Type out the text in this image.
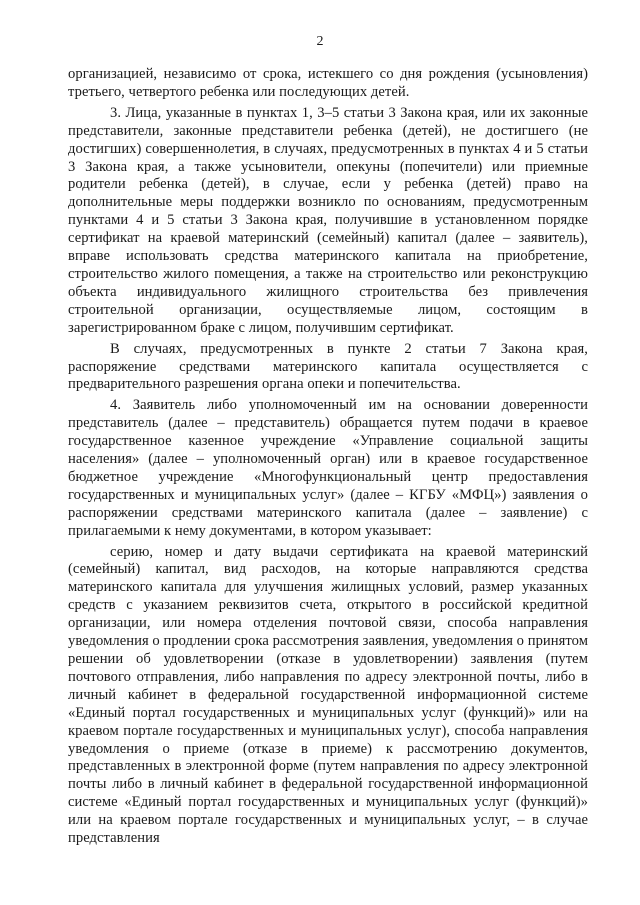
2

организацией, независимо от срока, истекшего со дня рождения (усыновления) третьего, четвертого ребенка или последующих детей.

3. Лица, указанные в пунктах 1, 3–5 статьи 3 Закона края, или их законные представители, законные представители ребенка (детей), не достигшего (не достигших) совершеннолетия, в случаях, предусмотренных в пунктах 4 и 5 статьи 3 Закона края, а также усыновители, опекуны (попечители) или приемные родители ребенка (детей), в случае, если у ребенка (детей) право на дополнительные меры поддержки возникло по основаниям, предусмотренным пунктами 4 и 5 статьи 3 Закона края, получившие в установленном порядке сертификат на краевой материнский (семейный) капитал (далее – заявитель), вправе использовать средства материнского капитала на приобретение, строительство жилого помещения, а также на строительство или реконструкцию объекта индивидуального жилищного строительства без привлечения строительной организации, осуществляемые лицом, состоящим в зарегистрированном браке с лицом, получившим сертификат.

В случаях, предусмотренных в пункте 2 статьи 7 Закона края, распоряжение средствами материнского капитала осуществляется с предварительного разрешения органа опеки и попечительства.

4. Заявитель либо уполномоченный им на основании доверенности представитель (далее – представитель) обращается путем подачи в краевое государственное казенное учреждение «Управление социальной защиты населения» (далее – уполномоченный орган) или в краевое государственное бюджетное учреждение «Многофункциональный центр предоставления государственных и муниципальных услуг» (далее – КГБУ «МФЦ») заявления о распоряжении средствами материнского капитала (далее – заявление) с прилагаемыми к нему документами, в котором указывает:

серию, номер и дату выдачи сертификата на краевой материнский (семейный) капитал, вид расходов, на которые направляются средства материнского капитала для улучшения жилищных условий, размер указанных средств с указанием реквизитов счета, открытого в российской кредитной организации, или номера отделения почтовой связи, способа направления уведомления о продлении срока рассмотрения заявления, уведомления о принятом решении об удовлетворении (отказе в удовлетворении) заявления (путем почтового отправления, либо направления по адресу электронной почты, либо в личный кабинет в федеральной государственной информационной системе «Единый портал государственных и муниципальных услуг (функций)» или на краевом портале государственных и муниципальных услуг), способа направления уведомления о приеме (отказе в приеме) к рассмотрению документов, представленных в электронной форме (путем направления по адресу электронной почты либо в личный кабинет в федеральной государственной информационной системе «Единый портал государственных и муниципальных услуг (функций)» или на краевом портале государственных и муниципальных услуг, – в случае представления
